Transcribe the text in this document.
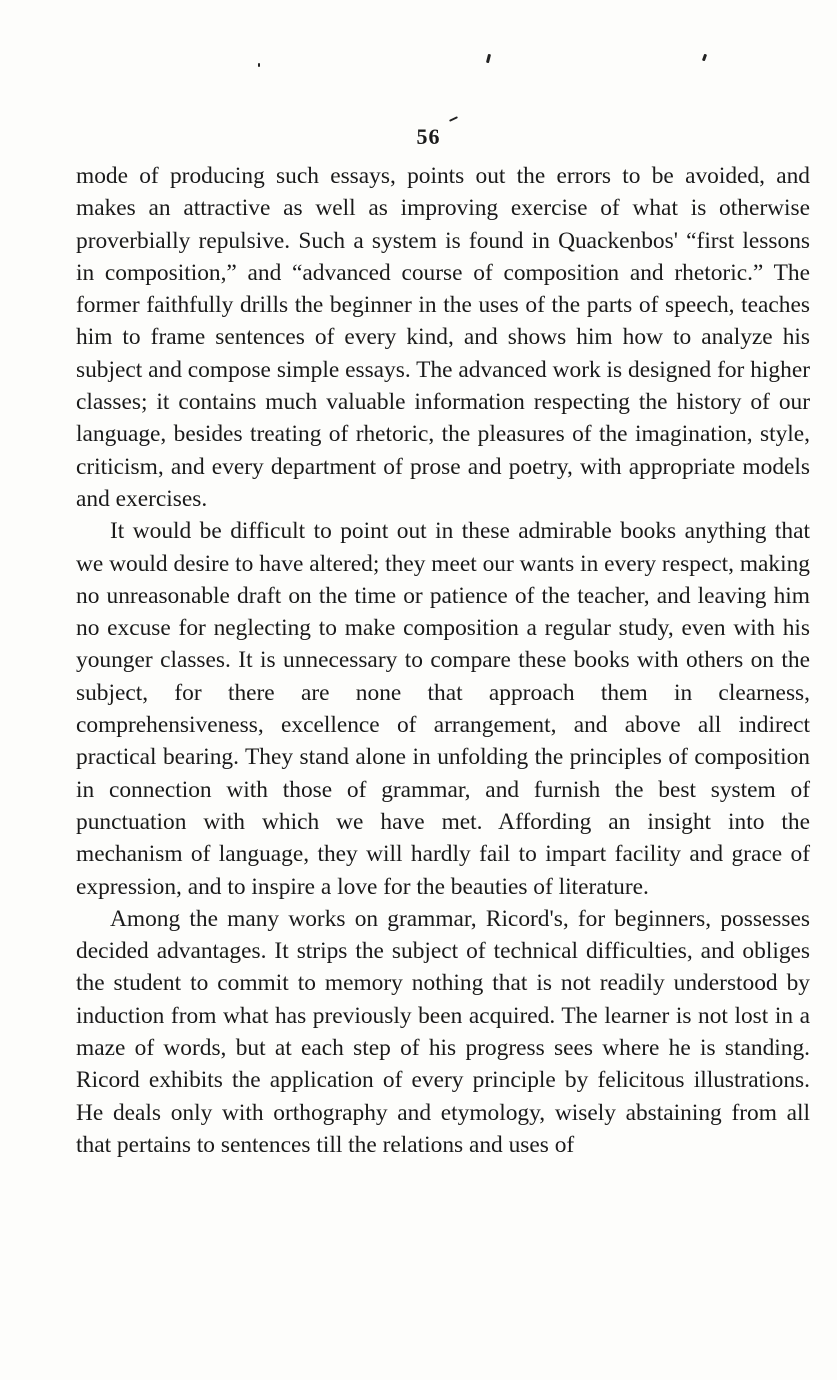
56

mode of producing such essays, points out the errors to be avoided, and makes an attractive as well as improving exercise of what is otherwise proverbially repulsive. Such a system is found in Quackenbos' “first lessons in composition,” and “advanced course of composition and rhetoric.” The former faithfully drills the beginner in the uses of the parts of speech, teaches him to frame sentences of every kind, and shows him how to analyze his subject and compose simple essays. The advanced work is designed for higher classes; it contains much valuable information respecting the history of our language, besides treating of rhetoric, the pleasures of the imagination, style, criticism, and every department of prose and poetry, with appropriate models and exercises.

It would be difficult to point out in these admirable books anything that we would desire to have altered; they meet our wants in every respect, making no unreasonable draft on the time or patience of the teacher, and leaving him no excuse for neglecting to make composition a regular study, even with his younger classes. It is unnecessary to compare these books with others on the subject, for there are none that approach them in clearness, comprehensiveness, excellence of arrangement, and above all indirect practical bearing. They stand alone in unfolding the principles of composition in connection with those of grammar, and furnish the best system of punctuation with which we have met. Affording an insight into the mechanism of language, they will hardly fail to impart facility and grace of expression, and to inspire a love for the beauties of literature.

Among the many works on grammar, Ricord's, for beginners, possesses decided advantages. It strips the subject of technical difficulties, and obliges the student to commit to memory nothing that is not readily understood by induction from what has previously been acquired. The learner is not lost in a maze of words, but at each step of his progress sees where he is standing. Ricord exhibits the application of every principle by felicitous illustrations. He deals only with orthography and etymology, wisely abstaining from all that pertains to sentences till the relations and uses of
